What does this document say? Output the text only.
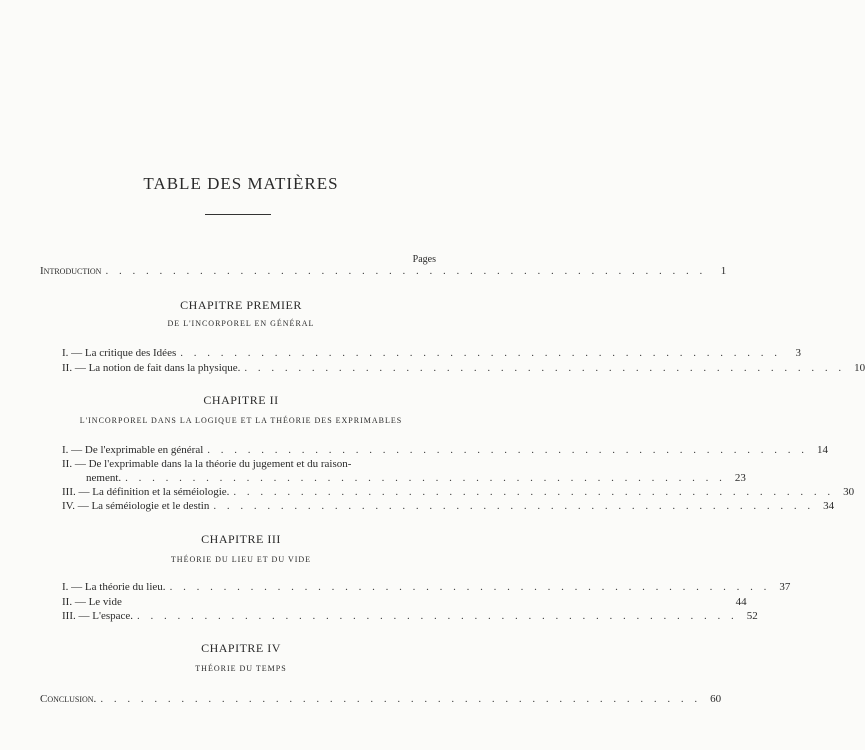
TABLE DES MATIÈRES
Pages
Introduction . . . . . . . . . . . . . . . . . . . . . . . . . . . . . . . . . . . . . . . . . . . . .	1
CHAPITRE PREMIER
DE L'INCORPOREL EN GÉNÉRAL
I. — La critique des Idées . . . . . . . . . . . . . . . . . . . . . . . . . . . . . . . . . . . . . . . . . . . . .	3
II. — La notion de fait dans la physique. . . . . . . . . . . . . . . . . . . . . . . . . . . . . . . . . . . . . . . . . . . . . . 10
CHAPITRE II
L'INCORPOREL DANS LA LOGIQUE ET LA THÉORIE DES EXPRIMABLES
I. — De l'exprimable en général . . . . . . . . . . . . . . . . . . . . . . . . . . . . . . . . . . . . . . . . . . . . . 14
II. — De l'exprimable dans la la théorie du jugement et du raison-
nement. . . . . . . . . . . . . . . . . . . . . . . . . . . . . . . . . . . . . . . . . . . . . . 23
III. — La définition et la séméiologie. . . . . . . . . . . . . . . . . . . . . . . . . . . . . . . . . . . . . . . . . . . . . . 30
IV. — La séméiologie et le destin . . . . . . . . . . . . . . . . . . . . . . . . . . . . . . . . . . . . . . . . . . . . . 34
CHAPITRE III
THÉORIE DU LIEU ET DU VIDE
I. — La théorie du lieu. . . . . . . . . . . . . . . . . . . . . . . . . . . . . . . . . . . . . . . . . . . . . . 37
II. — Le vide	44
III. — L'espace. . . . . . . . . . . . . . . . . . . . . . . . . . . . . . . . . . . . . . . . . . . . . . 52
CHAPITRE IV
THÉORIE DU TEMPS
Conclusion. . . . . . . . . . . . . . . . . . . . . . . . . . . . . . . . . . . . . . . . . . . . . . 60
